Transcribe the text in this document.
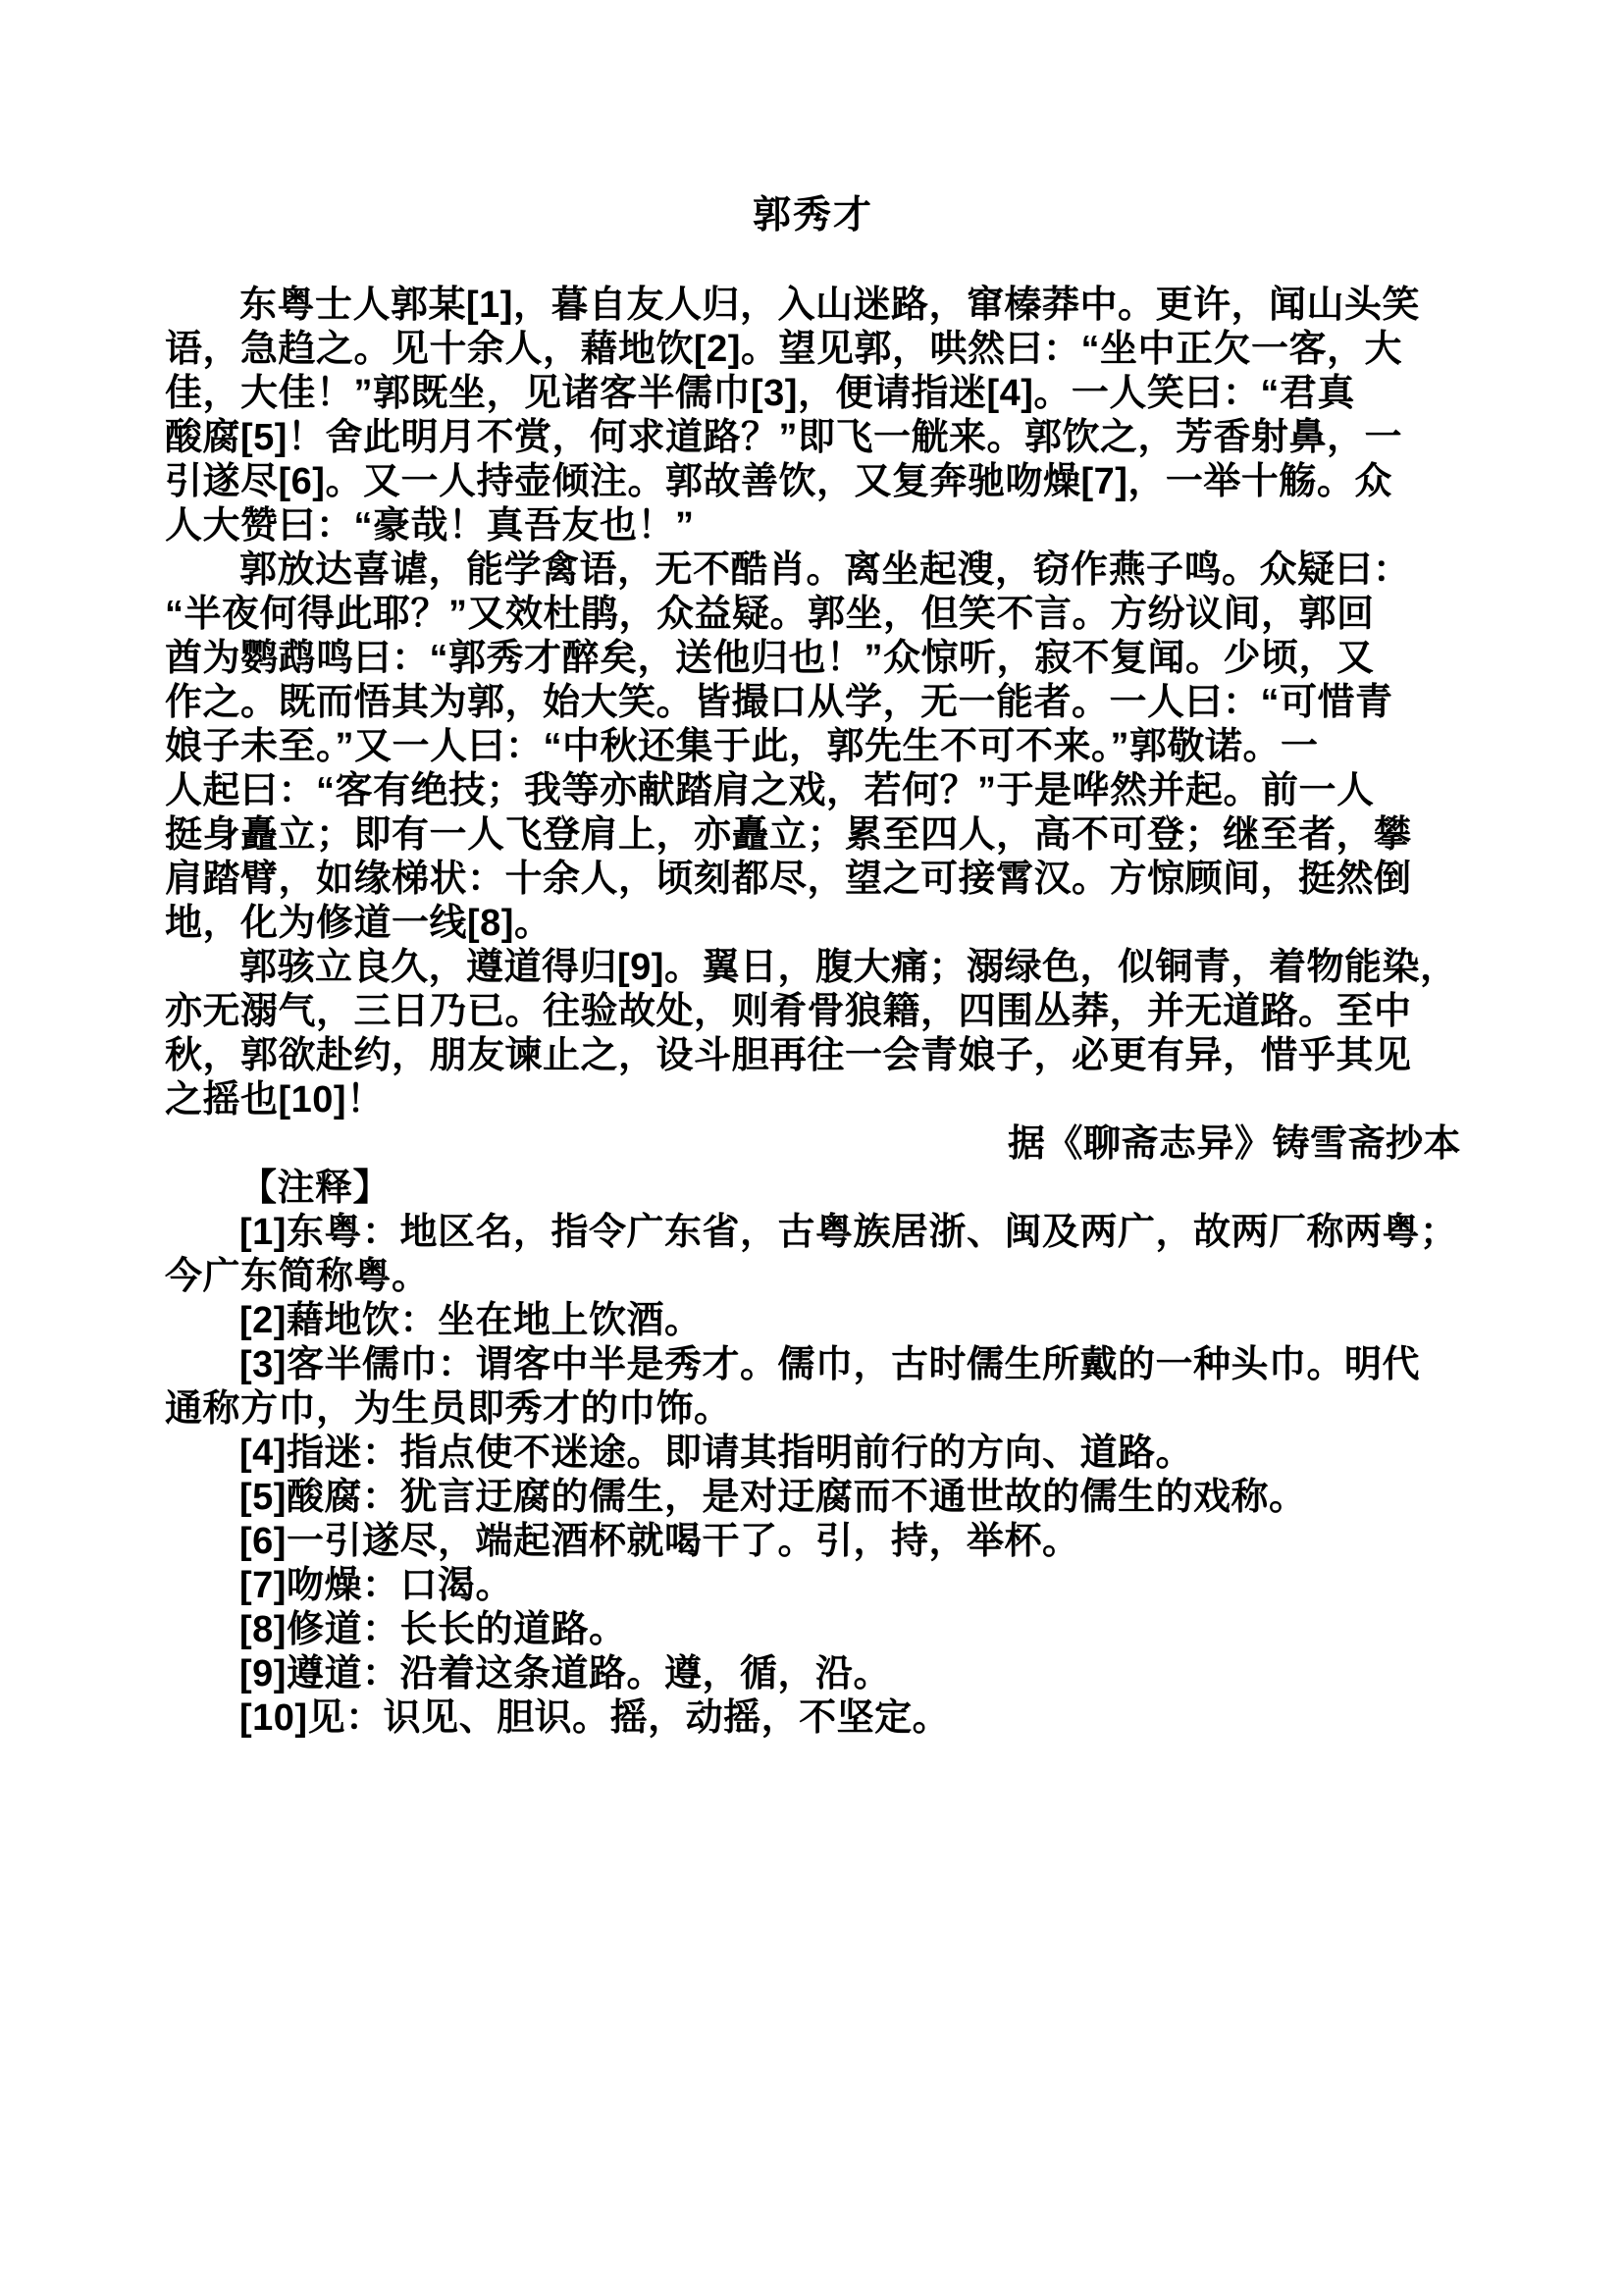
郭秀才
东粤士人郭某[1]，暮自友人归，入山迷路，窜榛莽中。更许，闻山头笑
语，急趋之。见十余人，藉地饮[2]。望见郭，哄然曰：“坐中正欠一客，大
佳，大佳！”郭既坐，见诸客半儒巾[3]，便请指迷[4]。一人笑曰：“君真
酸腐[5]！舍此明月不赏，何求道路？”即飞一觥来。郭饮之，芳香射鼻，一
引遂尽[6]。又一人持壶倾注。郭故善饮，又复奔驰吻燥[7]，一举十觞。众
人大赞曰：“豪哉！真吾友也！”
郭放达喜谑，能学禽语，无不酷肖。离坐起溲，窃作燕子鸣。众疑曰：
“半夜何得此耶？”又效杜鹃，众益疑。郭坐，但笑不言。方纷议间，郭回
酋为鹦鹉鸣曰：“郭秀才醉矣，送他归也！”众惊听，寂不复闻。少顷，又
作之。既而悟其为郭，始大笑。皆撮口从学，无一能者。一人曰：“可惜青
娘子未至。”又一人曰：“中秋还集于此，郭先生不可不来。”郭敬诺。一
人起曰：“客有绝技；我等亦献踏肩之戏，若何？”于是哗然并起。前一人
挺身矗立；即有一人飞登肩上，亦矗立；累至四人，高不可登；继至者，攀
肩踏臂，如缘梯状：十余人，顷刻都尽，望之可接霄汉。方惊顾间，挺然倒
地，化为修道一线[8]。
郭骇立良久，遵道得归[9]。翼日，腹大痛；溺绿色，似铜青，着物能染，
亦无溺气，三日乃已。往验故处，则肴骨狼籍，四围丛莽，并无道路。至中
秋，郭欲赴约，朋友谏止之，设斗胆再往一会青娘子，必更有异，惜乎其见
之摇也[10]！
据《聊斋志异》铸雪斋抄本
【注释】
[1]东粤：地区名，指令广东省，古粤族居浙、闽及两广，故两厂称两粤；
今广东简称粤。
[2]藉地饮：坐在地上饮酒。
[3]客半儒巾：谓客中半是秀才。儒巾，古时儒生所戴的一种头巾。明代
通称方巾，为生员即秀才的巾饰。
[4]指迷：指点使不迷途。即请其指明前行的方向、道路。
[5]酸腐：犹言迂腐的儒生，是对迂腐而不通世故的儒生的戏称。
[6]一引遂尽，端起酒杯就喝干了。引，持，举杯。
[7]吻燥：口渴。
[8]修道：长长的道路。
[9]遵道：沿着这条道路。遵，循，沿。
[10]见：识见、胆识。摇，动摇，不坚定。
